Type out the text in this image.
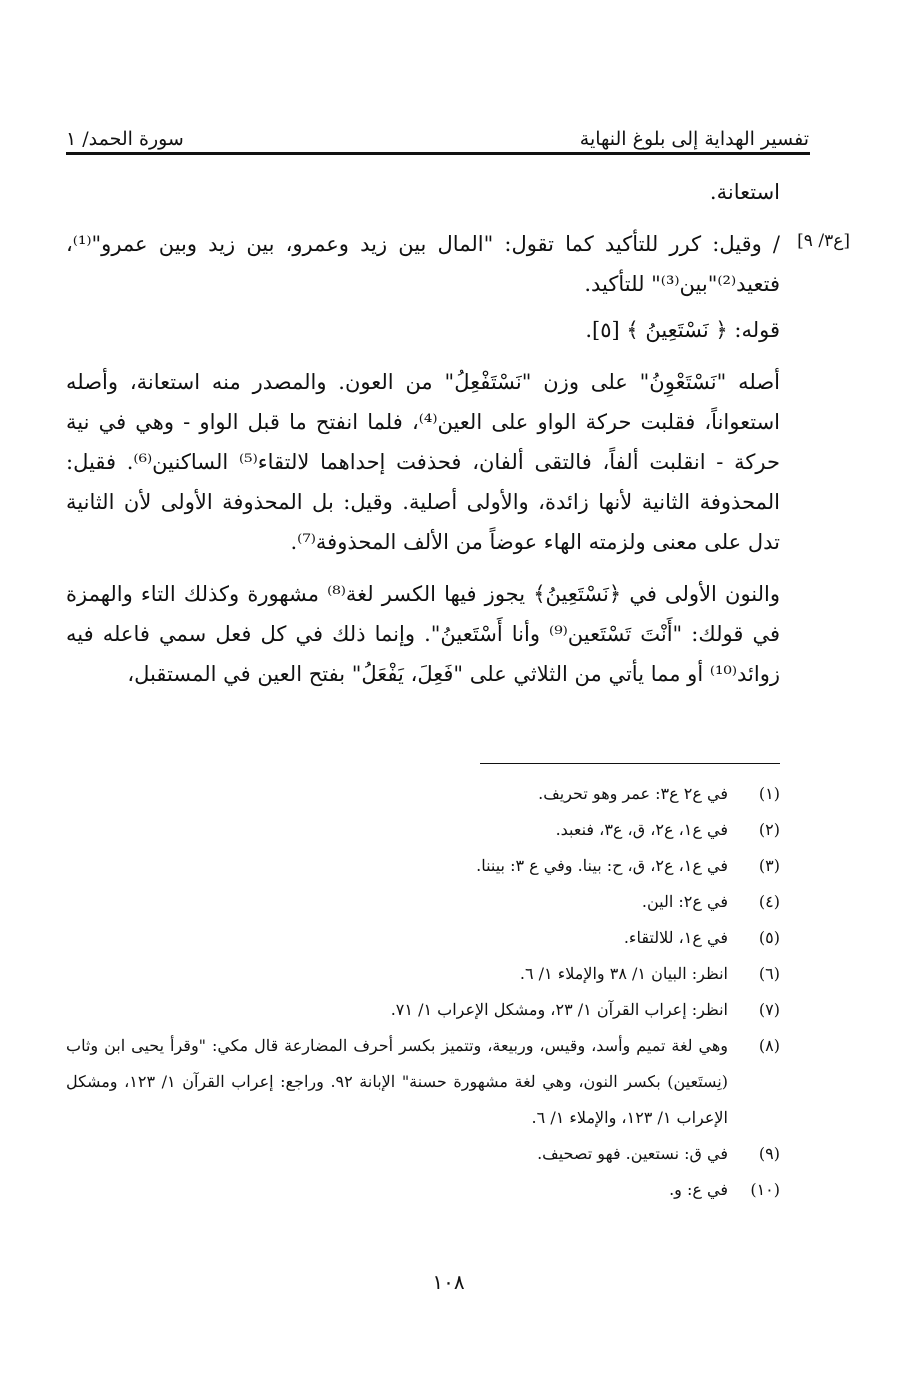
تفسير الهداية إلى بلوغ النهاية
سورة الحمد/ ١
[ع٣/ ٩]

استعانة.

/ وقيل: كرر للتأكيد كما تقول: "المال بين زيد وعمرو، بين زيد وبين عمرو"⁽¹⁾، فتعيد⁽²⁾"بين⁽³⁾" للتأكيد.

قوله: ﴿ نَسْتَعِينُ ﴾ [٥].

أصله "نَسْتَعْوِنُ" على وزن "نَسْتَفْعِلُ" من العون. والمصدر منه استعانة، وأصله استعواناً، فقلبت حركة الواو على العين⁽⁴⁾، فلما انفتح ما قبل الواو - وهي في نية حركة - انقلبت ألفاً، فالتقى ألفان، فحذفت إحداهما لالتقاء⁽⁵⁾ الساكنين⁽⁶⁾. فقيل: المحذوفة الثانية لأنها زائدة، والأولى أصلية. وقيل: بل المحذوفة الأولى لأن الثانية تدل على معنى ولزمته الهاء عوضاً من الألف المحذوفة⁽⁷⁾.

والنون الأولى في ﴿نَسْتَعِينُ﴾ يجوز فيها الكسر لغة⁽⁸⁾ مشهورة وكذلك التاء والهمزة في قولك: "أَنْتَ تَسْتَعين⁽⁹⁾ وأنا أَسْتَعينُ". وإنما ذلك في كل فعل سمي فاعله فيه زوائد⁽¹⁰⁾ أو مما يأتي من الثلاثي على "فَعِلَ، يَفْعَلُ" بفتح العين في المستقبل،

(١)
في ع٢ ع٣: عمر وهو تحريف.
(٢)
في ع١، ع٢، ق، ع٣، فنعبد.
(٣)
في ع١، ع٢، ق، ح: بينا. وفي ع ٣: بيننا.
(٤)
في ع٢: الين.
(٥)
في ع١، للالتقاء.
(٦)
انظر: البيان ١/ ٣٨ والإملاء ١/ ٦.
(٧)
انظر: إعراب القرآن ١/ ٢٣، ومشكل الإعراب ١/ ٧١.
(٨)
وهي لغة تميم وأسد، وقيس، وربيعة، وتتميز بكسر أحرف المضارعة قال مكي: "وقرأ يحيى ابن وثاب (نِستَعين) بكسر النون، وهي لغة مشهورة حسنة" الإبانة ٩٢. وراجع: إعراب القرآن ١/ ١٢٣، ومشكل الإعراب ١/ ١٢٣، والإملاء ١/ ٦.
(٩)
في ق: نستعين. فهو تصحيف.
(١٠)
في ع: و.
١٠٨
